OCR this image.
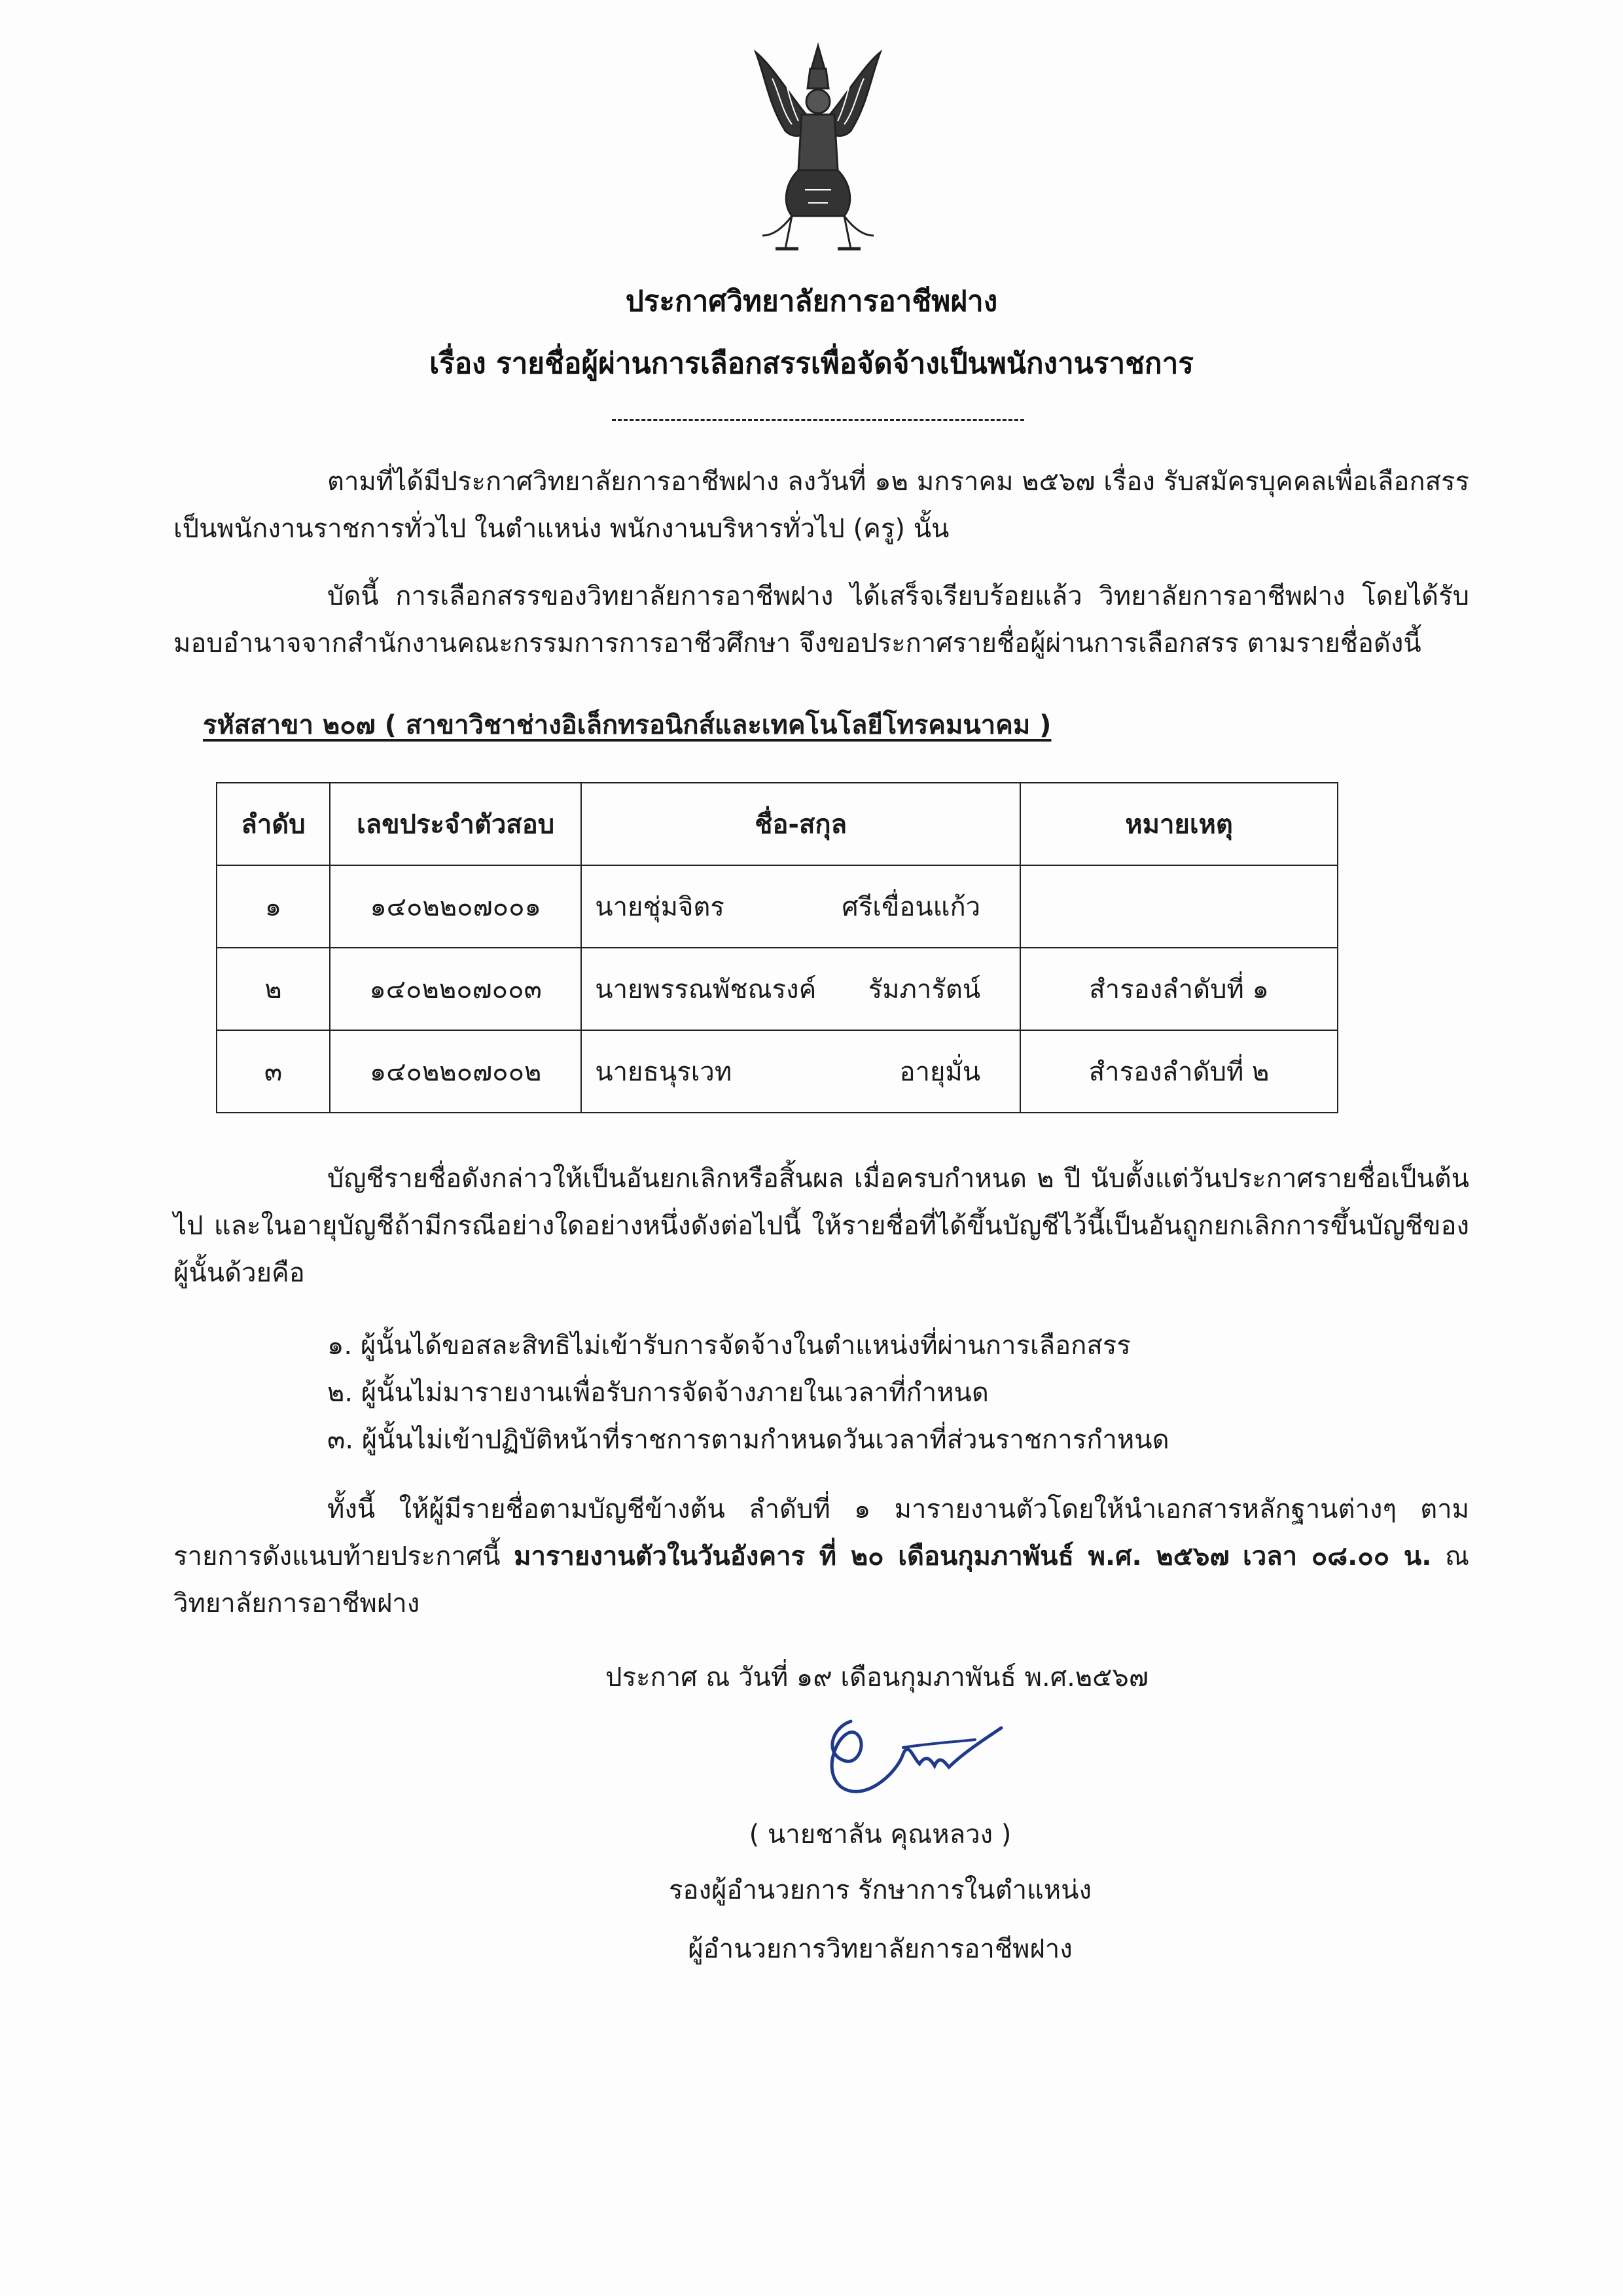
ประกาศวิทยาลัยการอาชีพฝาง
เรื่อง รายชื่อผู้ผ่านการเลือกสรรเพื่อจัดจ้างเป็นพนักงานราชการ

ตามที่ได้มีประกาศวิทยาลัยการอาชีพฝาง ลงวันที่ ๑๒ มกราคม ๒๕๖๗ เรื่อง รับสมัครบุคคลเพื่อเลือกสรรเป็นพนักงานราชการทั่วไป ในตำแหน่ง พนักงานบริหารทั่วไป (ครู) นั้น

บัดนี้ การเลือกสรรของวิทยาลัยการอาชีพฝาง ได้เสร็จเรียบร้อยแล้ว วิทยาลัยการอาชีพฝาง โดยได้รับมอบอำนาจจากสำนักงานคณะกรรมการการอาชีวศึกษา จึงขอประกาศรายชื่อผู้ผ่านการเลือกสรร ตามรายชื่อดังนี้

รหัสสาขา ๒๐๗ ( สาขาวิชาช่างอิเล็กทรอนิกส์และเทคโนโลยีโทรคมนาคม )
ลำดับ	เลขประจำตัวสอบ	ชื่อ-สกุล	หมายเหตุ
๑	๑๔๐๒๒๐๗๐๐๑	นายชุ่มจิตร ศรีเขื่อนแก้ว	

๒	๑๔๐๒๒๐๗๐๐๓	นายพรรณพัชณรงค์ รัมภารัตน์	สำรองลำดับที่ ๑
๓	๑๔๐๒๒๐๗๐๐๒	นายธนุรเวท อายุมั่น	สำรองลำดับที่ ๒

บัญชีรายชื่อดังกล่าวให้เป็นอันยกเลิกหรือสิ้นผล เมื่อครบกำหนด ๒ ปี นับตั้งแต่วันประกาศรายชื่อเป็นต้นไป และในอายุบัญชีถ้ามีกรณีอย่างใดอย่างหนึ่งดังต่อไปนี้ ให้รายชื่อที่ได้ขึ้นบัญชีไว้นี้เป็นอันถูกยกเลิกการขึ้นบัญชีของผู้นั้นด้วยคือ

๑. ผู้นั้นได้ขอสละสิทธิไม่เข้ารับการจัดจ้างในตำแหน่งที่ผ่านการเลือกสรร
๒. ผู้นั้นไม่มารายงานเพื่อรับการจัดจ้างภายในเวลาที่กำหนด
๓. ผู้นั้นไม่เข้าปฏิบัติหน้าที่ราชการตามกำหนดวันเวลาที่ส่วนราชการกำหนด

ทั้งนี้ ให้ผู้มีรายชื่อตามบัญชีข้างต้น ลำดับที่ ๑ มารายงานตัวโดยให้นำเอกสารหลักฐานต่างๆ ตามรายการดังแนบท้ายประกาศนี้ มารายงานตัวในวันอังคาร ที่ ๒๐ เดือนกุมภาพันธ์ พ.ศ. ๒๕๖๗ เวลา ๐๘.๐๐ น. ณ วิทยาลัยการอาชีพฝาง

ประกาศ ณ วันที่ ๑๙ เดือนกุมภาพันธ์ พ.ศ.๒๕๖๗
( นายชาลัน คุณหลวง )
รองผู้อำนวยการ รักษาการในตำแหน่ง
ผู้อำนวยการวิทยาลัยการอาชีพฝาง
